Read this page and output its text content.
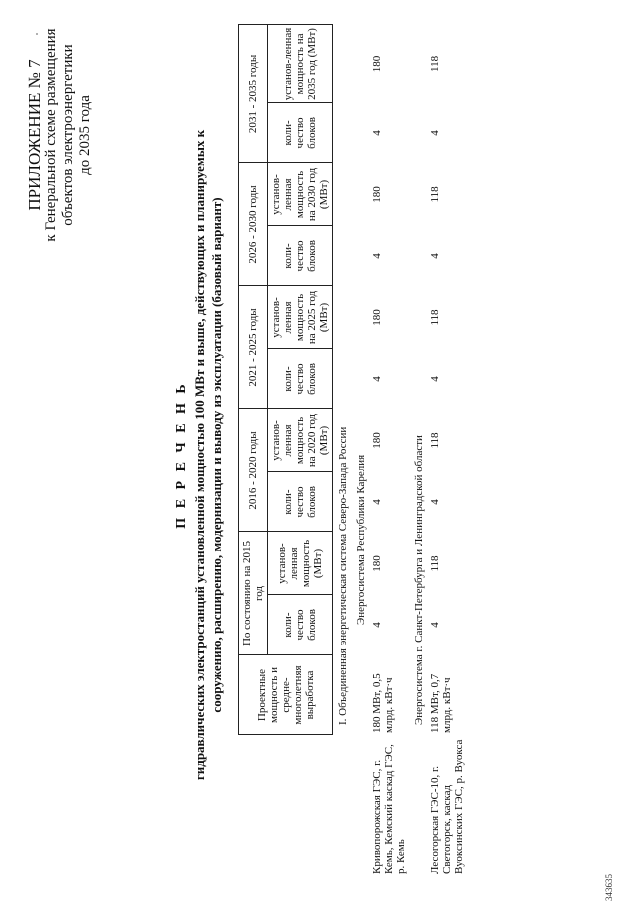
ПРИЛОЖЕНИЕ № 7 к Генеральной схеме размещения объектов электроэнергетики до 2035 года
П Е Р Е Ч Е Н Ь гидравлических электростанций установленной мощностью 100 МВт и выше, действующих и планируемых к сооружению, расширению, модернизации и выводу из эксплуатации (базовый вариант)
		Проектные мощность и средне-многолетняя выработка	По состоянию на 2015 год		2016 - 2020 годы		2021 - 2025 годы		2026 - 2030 годы		2031 - 2035 годы	
		коли-чество блоков	установ-ленная мощность (МВт)	коли-чество блоков	установ-ленная мощность на 2020 год (МВт)	коли-чество блоков	установ-ленная мощность на 2025 год (МВт)	коли-чество блоков	установ-ленная мощность на 2030 год (МВт)	коли-чество блоков	установ-ленная мощность на 2035 год (МВт)
I. Объединенная энергетическая система Северо-Запада России											
Энергосистема Республики Карелия											
Кривопорожская ГЭС, г. Кемь, Кемский каскад ГЭС, р. Кемь	180 МВт, 0,5 млрд. кВт·ч	4	180	4	180	4	180	4	180	4	180
Энергосистема г. Санкт-Петербурга и Ленинградской области											
Лесогорская ГЭС-10, г. Светогорск, каскад Вуоксинских ГЭС, р. Вуокса	118 МВт, 0,7 млрд. кВт·ч	4	118	4	118	4	118	4	118	4	118
343635
